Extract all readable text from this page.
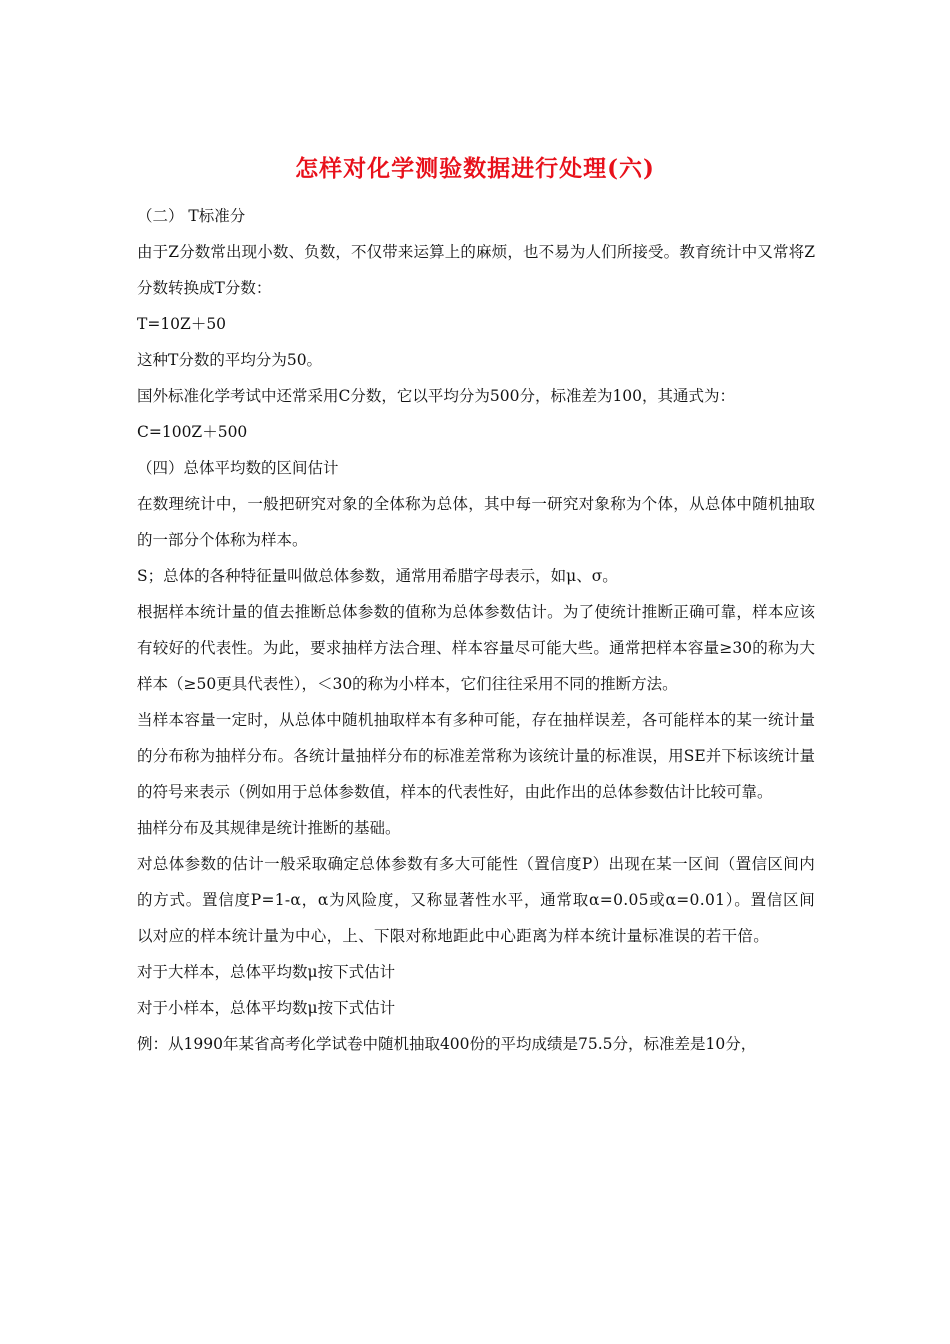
怎样对化学测验数据进行处理(六)

（二） T标准分

由于Z分数常出现小数、负数，不仅带来运算上的麻烦，也不易为人们所接受。教育统计中又常将Z分数转换成T分数：

T=10Z＋50

这种T分数的平均分为50。

国外标准化学考试中还常采用C分数，它以平均分为500分，标准差为100，其通式为：

C=100Z＋500

（四）总体平均数的区间估计

在数理统计中，一般把研究对象的全体称为总体，其中每一研究对象称为个体，从总体中随机抽取的一部分个体称为样本。

S；总体的各种特征量叫做总体参数，通常用希腊字母表示，如μ、σ。

根据样本统计量的值去推断总体参数的值称为总体参数估计。为了使统计推断正确可靠，样本应该有较好的代表性。为此，要求抽样方法合理、样本容量尽可能大些。通常把样本容量≥30的称为大样本（≥50更具代表性），＜30的称为小样本，它们往往采用不同的推断方法。

当样本容量一定时，从总体中随机抽取样本有多种可能，存在抽样误差，各可能样本的某一统计量的分布称为抽样分布。各统计量抽样分布的标准差常称为该统计量的标准误，用SE并下标该统计量的符号来表示（例如用于总体参数值，样本的代表性好，由此作出的总体参数估计比较可靠。

抽样分布及其规律是统计推断的基础。

对总体参数的估计一般采取确定总体参数有多大可能性（置信度P）出现在某一区间（置信区间内的方式。置信度P=1-α，α为风险度，又称显著性水平，通常取α=0.05或α=0.01）。置信区间以对应的样本统计量为中心，上、下限对称地距此中心距离为样本统计量标准误的若干倍。

对于大样本，总体平均数μ按下式估计

对于小样本，总体平均数μ按下式估计

例：从1990年某省高考化学试卷中随机抽取400份的平均成绩是75.5分，标准差是10分，
